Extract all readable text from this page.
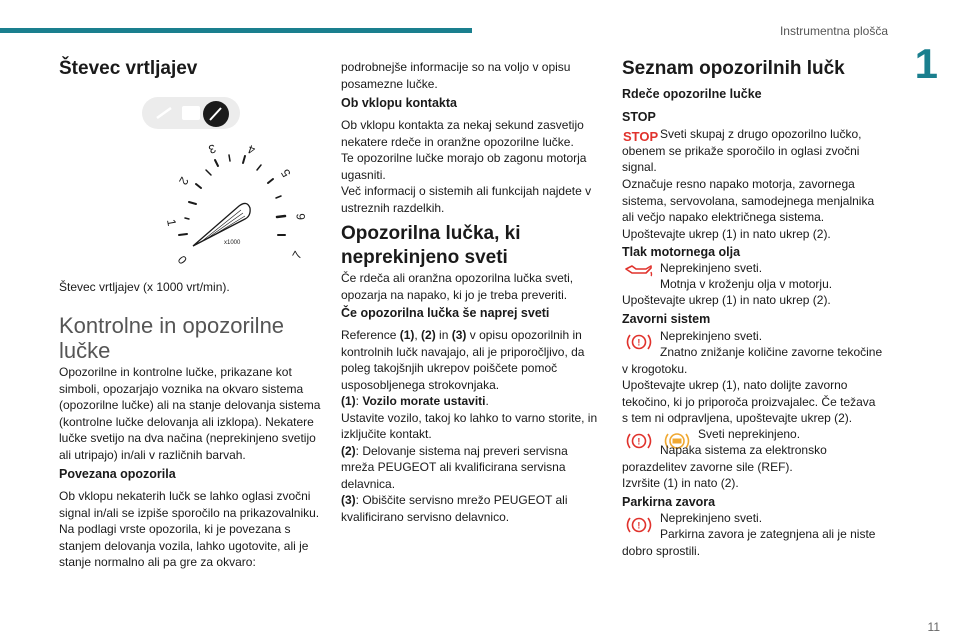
Instrumentna plošča
1
11
Števec vrtljajev
0
1
2
3 4
5
6
7
x1000
Števec vrtljajev (x 1000 vrt/min).
Kontrolne in opozorilne lučke
Opozorilne in kontrolne lučke, prikazane kot simboli, opozarjajo voznika na okvaro sistema (opozorilne lučke) ali na stanje delovanja sistema (kontrolne lučke delovanja ali izklopa). Nekatere lučke svetijo na dva načina (neprekinjeno svetijo ali utripajo) in/ali v različnih barvah.
Povezana opozorila
Ob vklopu nekaterih lučk se lahko oglasi zvočni signal in/ali se izpiše sporočilo na prikazovalniku. Na podlagi vrste opozorila, ki je povezana s stanjem delovanja vozila, lahko ugotovite, ali je stanje normalno ali pa gre za okvaro:
podrobnejše informacije so na voljo v opisu posamezne lučke.
Ob vklopu kontakta
Ob vklopu kontakta za nekaj sekund zasvetijo nekatere rdeče in oranžne opozorilne lučke.
Te opozorilne lučke morajo ob zagonu motorja ugasniti.
Več informacij o sistemih ali funkcijah najdete v ustreznih razdelkih.
Opozorilna lučka, ki neprekinjeno sveti
Če rdeča ali oranžna opozorilna lučka sveti, opozarja na napako, ki jo je treba preveriti.
Če opozorilna lučka še naprej sveti
Reference (1), (2) in (3) v opisu opozorilnih in kontrolnih lučk navajajo, ali je priporočljivo, da poleg takojšnjih ukrepov poiščete pomoč usposobljenega strokovnjaka.
(1): Vozilo morate ustaviti.
Ustavite vozilo, takoj ko lahko to varno storite, in izključite kontakt.
(2): Delovanje sistema naj preveri servisna mreža PEUGEOT ali kvalificirana servisna delavnica.
(3): Obiščite servisno mrežo PEUGEOT ali kvalificirano servisno delavnico.
Seznam opozorilnih lučk
Rdeče opozorilne lučke
STOP
STOP Sveti skupaj z drugo opozorilno lučko, obenem se prikaže sporočilo in oglasi zvočni signal.
Označuje resno napako motorja, zavornega sistema, servovolana, samodejnega menjalnika ali večjo napako električnega sistema.
Upoštevajte ukrep (1) in nato ukrep (2).
Tlak motornega olja
Neprekinjeno sveti.
Motnja v kroženju olja v motorju.
Upoštevajte ukrep (1) in nato ukrep (2).
Zavorni sistem
! Neprekinjeno sveti.
Znatno znižanje količine zavorne tekočine v krogotoku.
Upoštevajte ukrep (1), nato dolijte zavorno tekočino, ki jo priporoča proizvajalec. Če težava s tem ni odpravljena, upoštevajte ukrep (2).
!
Sveti neprekinjeno.
Napaka sistema za elektronsko porazdelitev zavorne sile (REF).
Izvršite (1) in nato (2).
Parkirna zavora
!
Neprekinjeno sveti.
Parkirna zavora je zategnjena ali je niste dobro sprostili.
